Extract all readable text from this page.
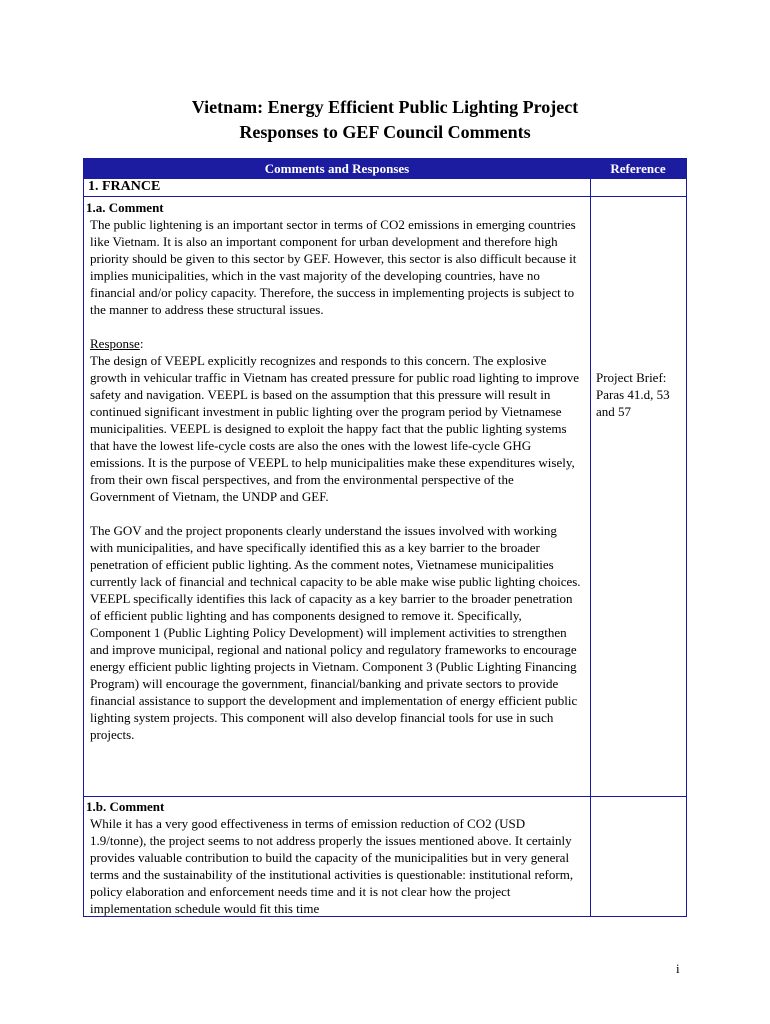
Vietnam: Energy Efficient Public Lighting Project
Responses to GEF Council Comments
Comments and Responses	Reference
1. FRANCE
1.a. Comment

The public lightening is an important sector in terms of CO2 emissions in emerging countries like Vietnam. It is also an important component for urban development and therefore high priority should be given to this sector by GEF. However, this sector is also difficult because it implies municipalities, which in the vast majority of the developing countries, have no financial and/or policy capacity. Therefore, the success in implementing projects is subject to the manner to address these structural issues.

Response:

The design of VEEPL explicitly recognizes and responds to this concern. The explosive growth in vehicular traffic in Vietnam has created pressure for public road lighting to improve safety and navigation. VEEPL is based on the assumption that this pressure will result in continued significant investment in public lighting over the program period by Vietnamese municipalities. VEEPL is designed to exploit the happy fact that the public lighting systems that have the lowest life-cycle costs are also the ones with the lowest life-cycle GHG emissions. It is the purpose of VEEPL to help municipalities make these expenditures wisely, from their own fiscal perspectives, and from the environmental perspective of the Government of Vietnam, the UNDP and GEF.

The GOV and the project proponents clearly understand the issues involved with working with municipalities, and have specifically identified this as a key barrier to the broader penetration of efficient public lighting. As the comment notes, Vietnamese municipalities currently lack of financial and technical capacity to be able make wise public lighting choices. VEEPL specifically identifies this lack of capacity as a key barrier to the broader penetration of efficient public lighting and has components designed to remove it. Specifically, Component 1 (Public Lighting Policy Development) will implement activities to strengthen and improve municipal, regional and national policy and regulatory frameworks to encourage energy efficient public lighting projects in Vietnam. Component 3 (Public Lighting Financing Program) will encourage the government, financial/banking and private sectors to provide financial assistance to support the development and implementation of energy efficient public lighting system projects. This component will also develop financial tools for use in such projects.

Project Brief: Paras 41.d, 53 and 57
1.b. Comment

While it has a very good effectiveness in terms of emission reduction of CO2 (USD 1.9/tonne), the project seems to not address properly the issues mentioned above. It certainly provides valuable contribution to build the capacity of the municipalities but in very general terms and the sustainability of the institutional activities is questionable: institutional reform, policy elaboration and enforcement needs time and it is not clear how the project implementation schedule would fit this time

i
